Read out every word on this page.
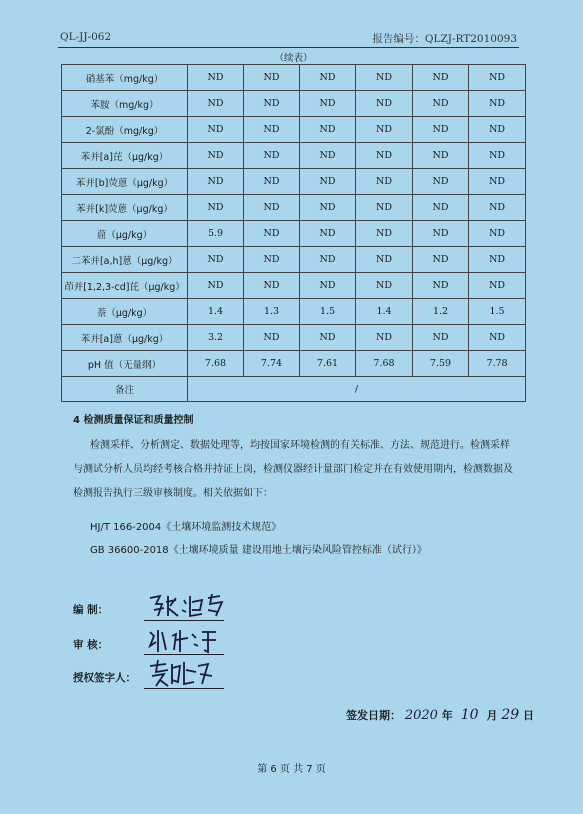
QL-JJ-062	报告编号：QLZJ-RT2010093
（续表）						
硝基苯（mg/kg）	ND	ND	ND	ND	ND	ND
苯胺（mg/kg）	ND	ND	ND	ND	ND	ND
2-氯酚（mg/kg）	ND	ND	ND	ND	ND	ND
苯并[a]芘（μg/kg）	ND	ND	ND	ND	ND	ND
苯并[b]荧蒽（μg/kg）	ND	ND	ND	ND	ND	ND
苯并[k]荧蒽（μg/kg）	ND	ND	ND	ND	ND	ND
䓛（μg/kg）	5.9	ND	ND	ND	ND	ND
二苯并[a,h]蒽（μg/kg）	ND	ND	ND	ND	ND	ND
茚并[1,2,3-cd]芘（μg/kg）	ND	ND	ND	ND	ND	ND
萘（μg/kg）	1.4	1.3	1.5	1.4	1.2	1.5
苯并[a]蒽（μg/kg）	3.2	ND	ND	ND	ND	ND
pH 值（无量纲）	7.68	7.74	7.61	7.68	7.59	7.78
备注	/					
4 检测质量保证和质量控制
检测采样、分析测定、数据处理等，均按国家环境检测的有关标准、方法、规范进行。检测采样与测试分析人员均经考核合格并持证上岗，检测仪器经计量部门检定并在有效使用期内，检测数据及检测报告执行三级审核制度。相关依据如下：
HJ/T 166-2004《土壤环境监测技术规范》
GB 36600-2018《土壤环境质量 建设用地土壤污染风险管控标准（试行）》
编 制：
审 核：
授权签字人：
签发日期： 2020 年 10 月 29 日
第 6 页 共 7 页
